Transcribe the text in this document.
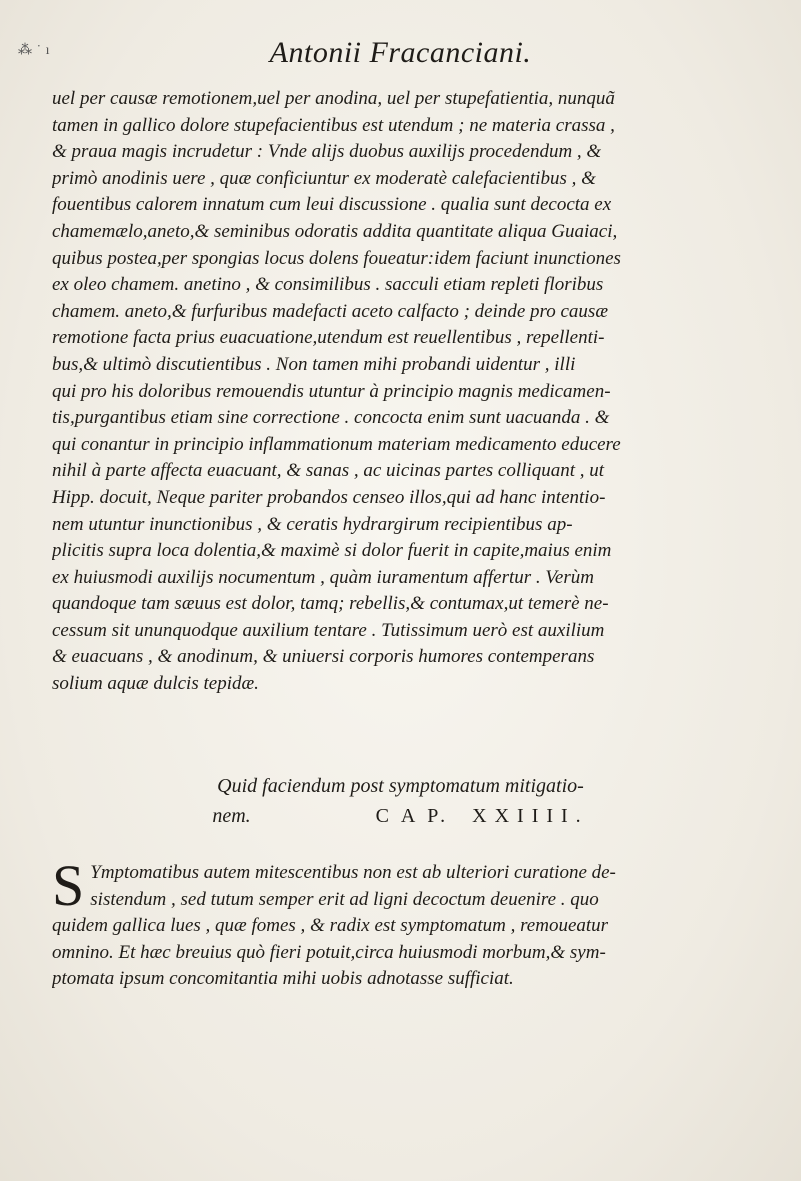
⁂ ˙ ı	Antonii Fracanciani.
uel per causæ remotionem,uel per anodina, uel per stupefatientia, nunquã
tamen in gallico dolore stupefacientibus est utendum ; ne materia crassa ,
& praua magis incrudetur : Vnde alijs duobus auxilijs procedendum , &
primò anodinis uere , quæ conficiuntur ex moderatè calefacientibus , &
fouentibus calorem innatum cum leui discussione . qualia sunt decocta ex
chamemælo,aneto,& seminibus odoratis addita quantitate aliqua Guaiaci,
quibus postea,per spongias locus dolens foueatur:idem faciunt inunctiones
ex oleo chamem. anetino , & consimilibus . sacculi etiam repleti floribus
chamem. aneto,& furfuribus madefacti aceto calfacto ; deinde pro causæ
remotione facta prius euacuatione,utendum est reuellentibus , repellenti-
bus,& ultimò discutientibus . Non tamen mihi probandi uidentur , illi
qui pro his doloribus remouendis utuntur à principio magnis medicamen-
tis,purgantibus etiam sine correctione . concocta enim sunt uacuanda . &
qui conantur in principio inflammationum materiam medicamento educere
nihil à parte affecta euacuant, & sanas , ac uicinas partes colliquant , ut
Hipp. docuit, Neque pariter probandos censeo illos,qui ad hanc intentio-
nem utuntur inunctionibus , & ceratis hydrargirum recipientibus ap-
plicitis supra loca dolentia,& maximè si dolor fuerit in capite,maius enim
ex huiusmodi auxilijs nocumentum , quàm iuramentum affertur . Verùm
quandoque tam sæuus est dolor, tamq; rebellis,& contumax,ut temerè ne-
cessum sit ununquodque auxilium tentare . Tutissimum uerò est auxilium
& euacuans , & anodinum, & uniuersi corporis humores contemperans
solium aquæ dulcis tepidæ.
Quid faciendum post symptomatum mitigatio-
nem.	C A P. XXIIII.
S Ymptomatibus autem mitescentibus non est ab ulteriori curatione de-
sistendum , sed tutum semper erit ad ligni decoctum deuenire . quo
quidem gallica lues , quæ fomes , & radix est symptomatum , remoueatur
omnino. Et hæc breuius quò fieri potuit,circa huiusmodi morbum,& sym-
ptomata ipsum concomitantia mihi uobis adnotasse sufficiat.
